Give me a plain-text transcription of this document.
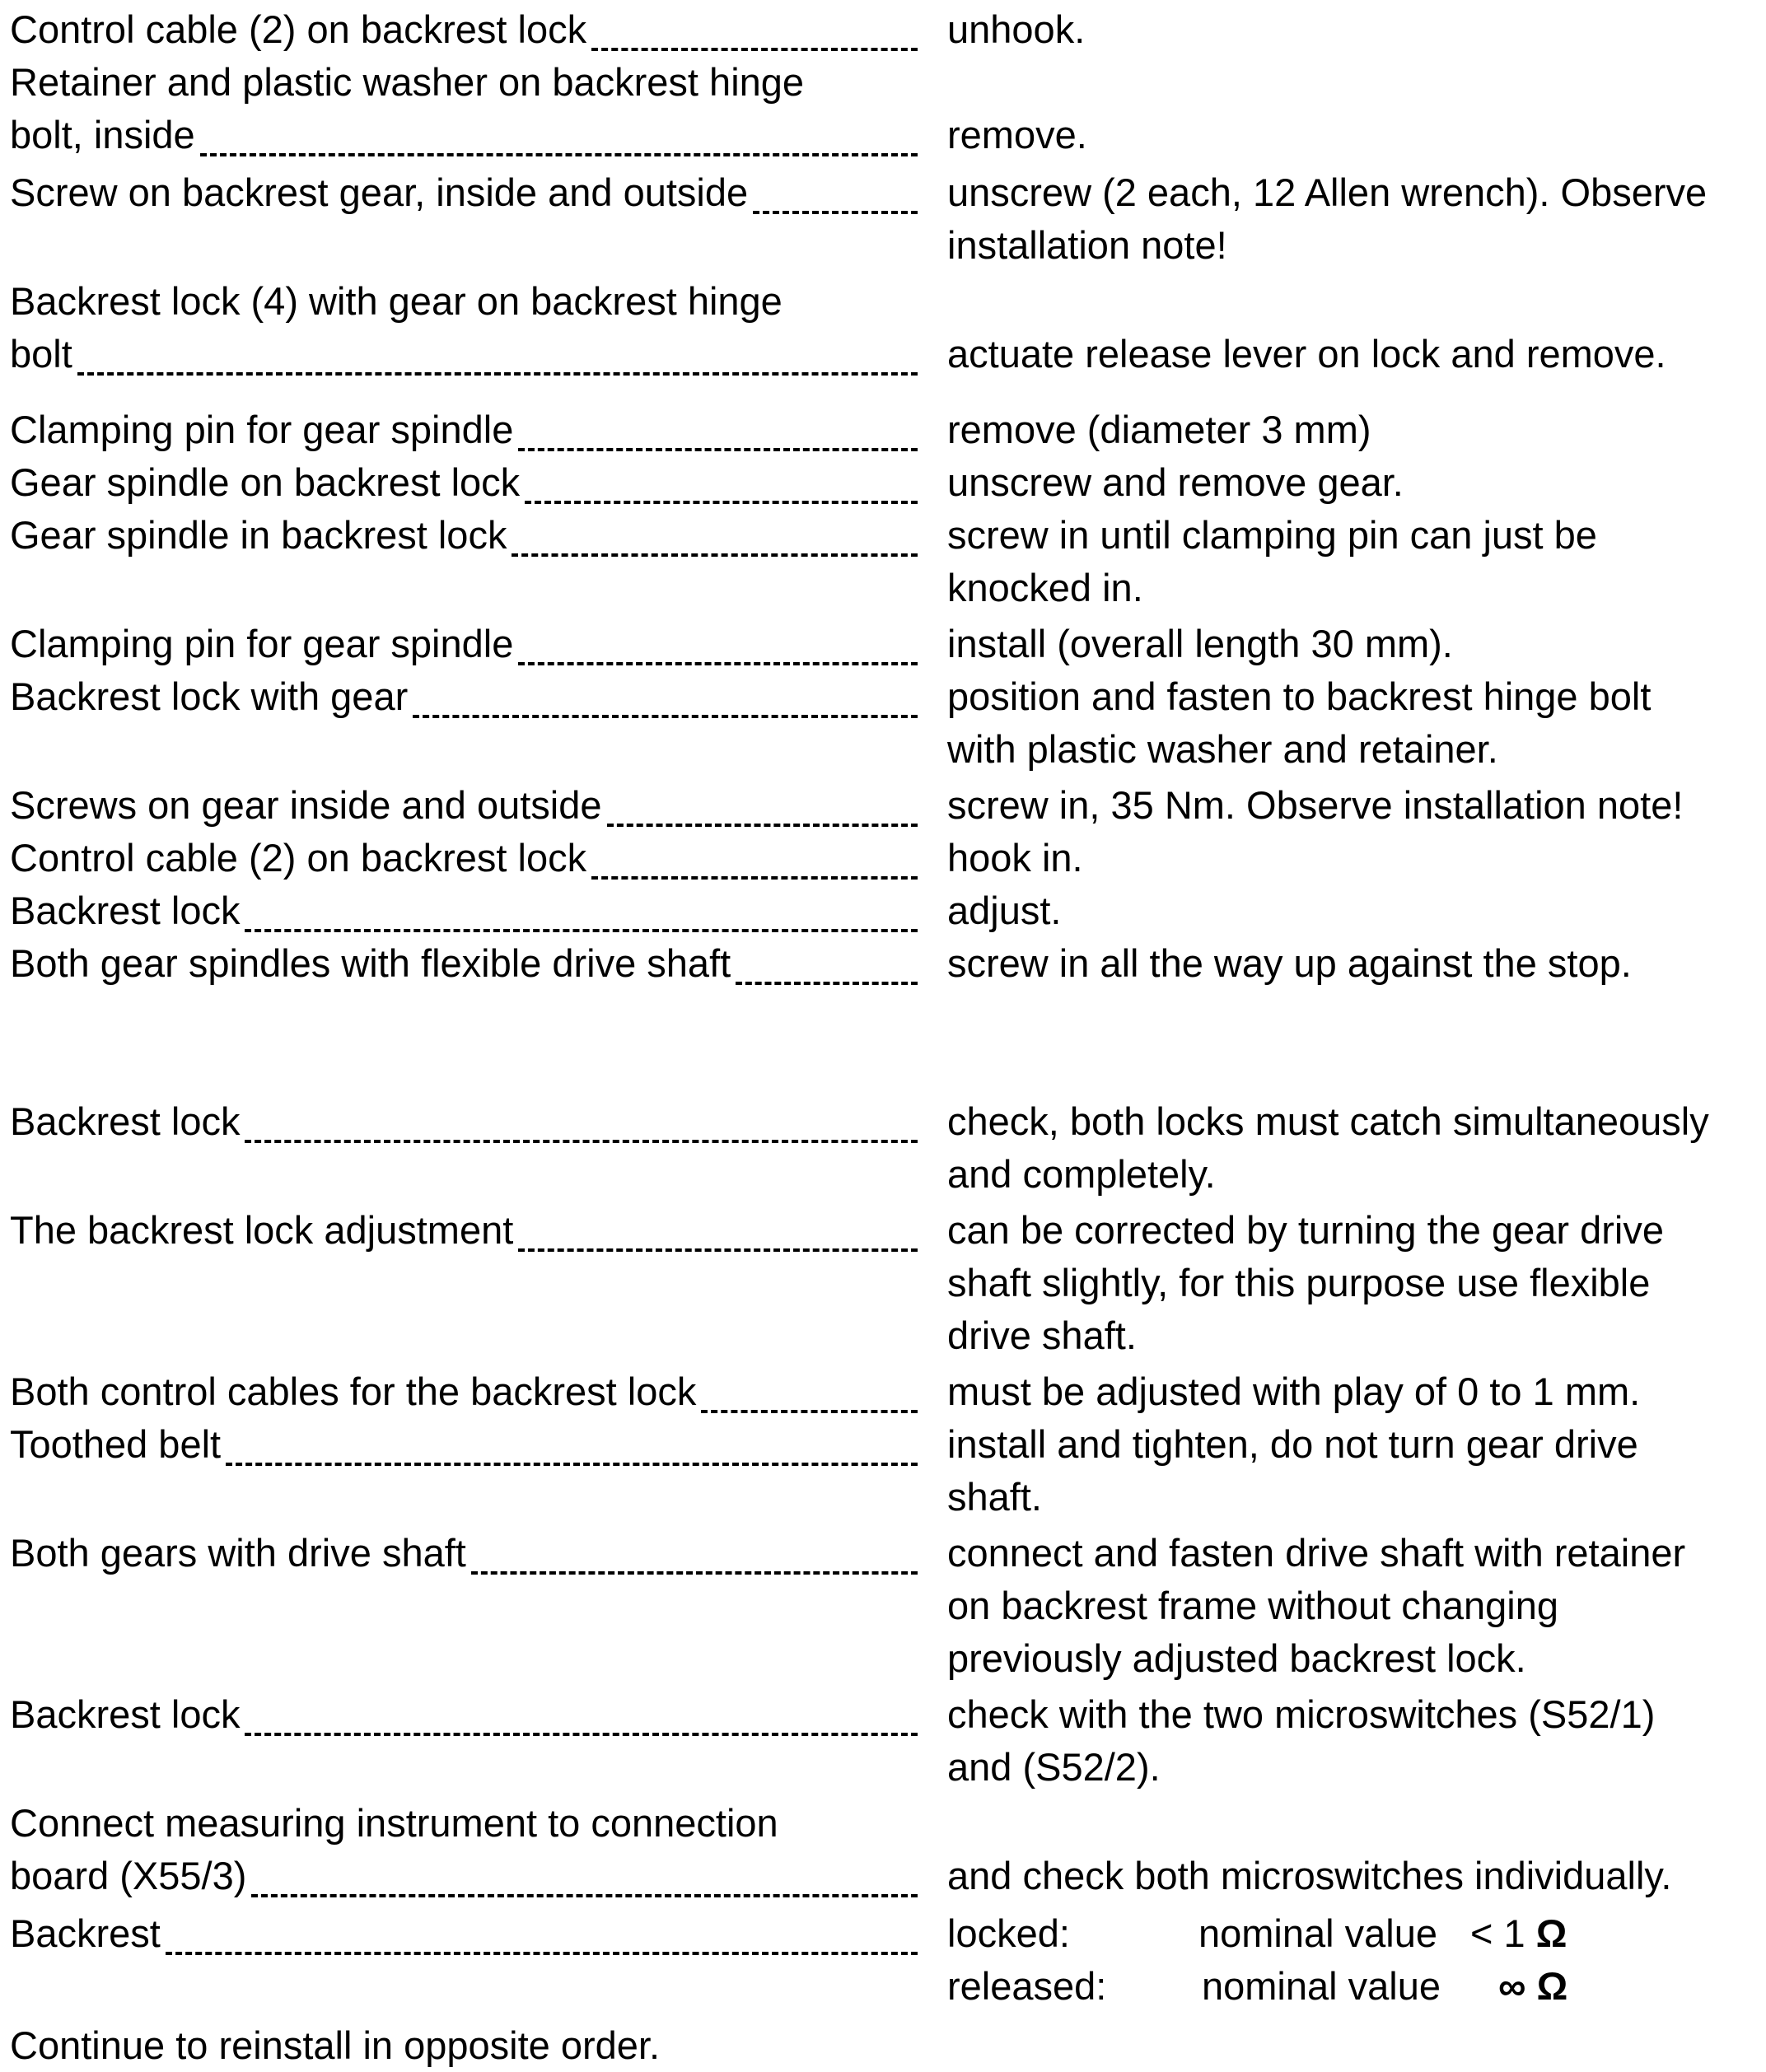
Control cable (2) on backrest lock	unhook.
Retainer and plastic washer on backrest hinge
bolt, inside	remove.
Screw on backrest gear, inside and outside	unscrew (2 each, 12 Allen wrench). Observe
installation note!
Backrest lock (4) with gear on backrest hinge
bolt	actuate release lever on lock and remove.
Clamping pin for gear spindle	remove (diameter 3 mm)
Gear spindle on backrest lock	unscrew and remove gear.
Gear spindle in backrest lock	screw in until clamping pin can just be
knocked in.
Clamping pin for gear spindle	install (overall length 30 mm).
Backrest lock with gear	position and fasten to backrest hinge bolt
with plastic washer and retainer.
Screws on gear inside and outside	screw in, 35 Nm. Observe installation note!
Control cable (2) on backrest lock	hook in.
Backrest lock	adjust.
Both gear spindles with flexible drive shaft	screw in all the way up against the stop.
Backrest lock	check, both locks must catch simultaneously
and completely.
The backrest lock adjustment	can be corrected by turning the gear drive
shaft slightly, for this purpose use flexible
drive shaft.
Both control cables for the backrest lock	must be adjusted with play of 0 to 1 mm.
Toothed belt	install and tighten, do not turn gear drive
shaft.
Both gears with drive shaft	connect and fasten drive shaft with retainer
on backrest frame without changing
previously adjusted backrest lock.
Backrest lock	check with the two microswitches (S52/1)
and (S52/2).
Connect measuring instrument to connection
board (X55/3)	and check both microswitches individually.
Backrest	locked:	nominal value < 1
Ω
released:	nominal value	∞
Ω
Continue to reinstall in opposite order.
